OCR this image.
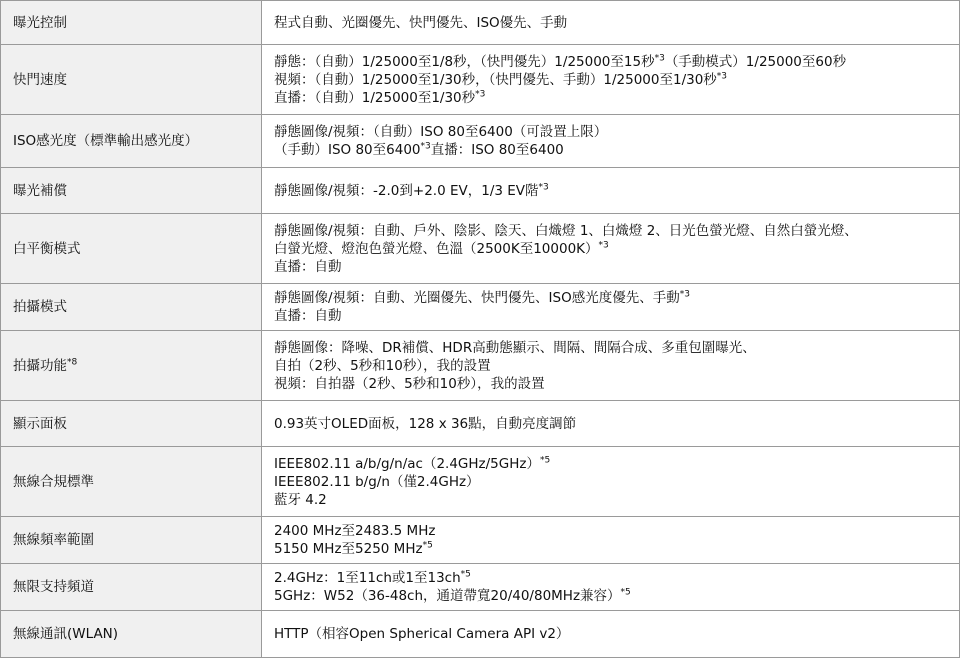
曝光控制	程式自動、光圈優先、快門優先、ISO優先、手動

快門速度	靜態：（自動）1/25000至1/8秒，（快門優先）1/25000至15秒$^{*3}$（手動模式）1/25000至60秒
視頻：（自動）1/25000至1/30秒，（快門優先、手動）1/25000至1/30秒$^{*3}$
直播：（自動）1/25000至1/30秒$^{*3}$

ISO感光度（標準輸出感光度）	靜態圖像/視頻：（自動）ISO 80至6400（可設置上限）
（手動）ISO 80至6400$^{*3}$直播：ISO 80至6400

曝光補償	靜態圖像/視頻：-2.0到+2.0 EV，1/3 EV階$^{*3}$

白平衡模式	靜態圖像/視頻：自動、戶外、陰影、陰天、白熾燈 1、白熾燈 2、日光色螢光燈、自然白螢光燈、
白螢光燈、燈泡色螢光燈、色溫（2500K至10000K）$^{*3}$
直播：自動

拍攝模式	靜態圖像/視頻：自動、光圈優先、快門優先、ISO感光度優先、手動$^{*3}$
直播：自動

拍攝功能$^{*8}$	靜態圖像：降噪、DR補償、HDR高動態顯示、間隔、間隔合成、多重包圍曝光、
自拍（2秒、5秒和10秒），我的設置
視頻：自拍器（2秒、5秒和10秒），我的設置

顯示面板	0.93英寸OLED面板，128 x 36點，自動亮度調節

無線合規標準	IEEE802.11 $a/b/g/n/ac(2.4GHz/5GHz)^{*5}$
IEEE802.11 b/g/n（僅2.4GHz）
藍牙 4.2

無線頻率範圍	2400 MHz至2483.5 MHz
5150 MHz至5250 MHz$^{*5}$

無限支持頻道	2.4GHz：1至11ch或1至$13ch^{*5}$
5GHz：W52（36-48ch，通道帶寬20/40/80MHz兼容）$^{*5}$

無線通訊(WLAN)	HTTP（相容Open Spherical Camera API v2）
